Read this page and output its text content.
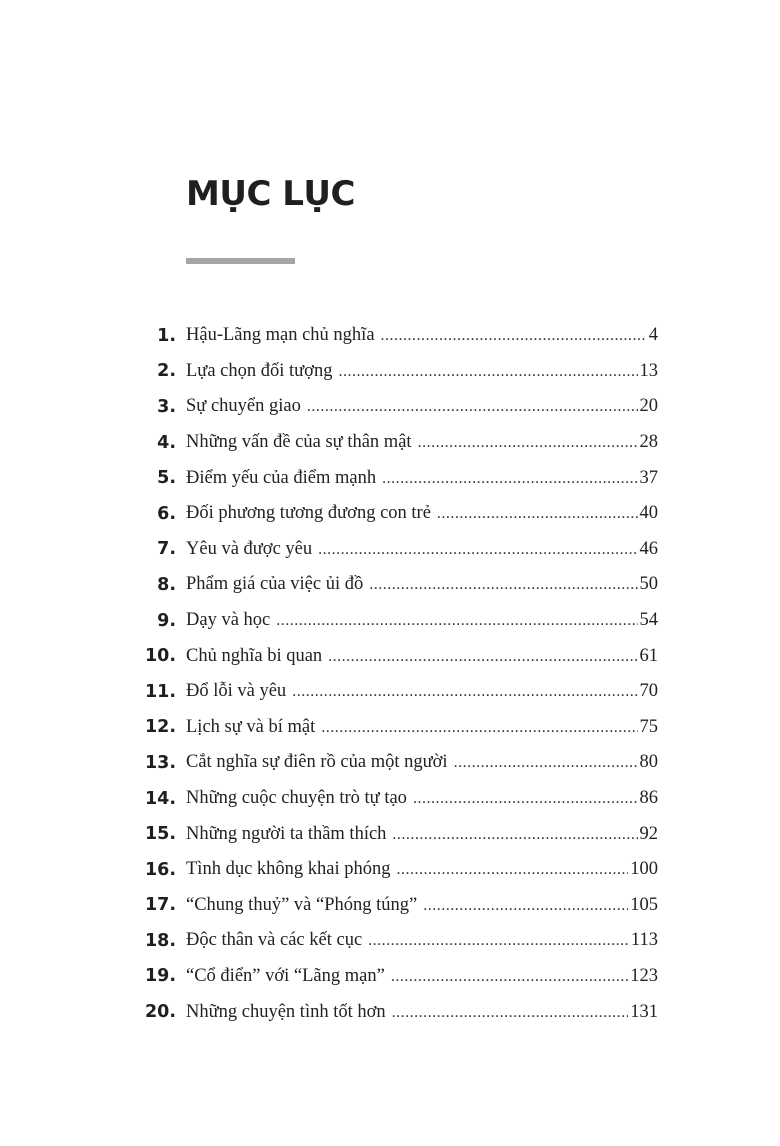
MỤC LỤC
1. Hậu-Lãng mạn chủ nghĩa .....	4
2. Lựa chọn đối tượng .....	13
3. Sự chuyển giao .....	20
4. Những vấn đề của sự thân mật .....	28
5. Điểm yếu của điểm mạnh .....	37
6. Đối phương tương đương con trẻ .....	40
7. Yêu và được yêu .....	46
8. Phẩm giá của việc ủi đồ .....	50
9. Dạy và học .....	54
10. Chủ nghĩa bi quan .....	61
11. Đổ lỗi và yêu .....	70
12. Lịch sự và bí mật .....	75
13. Cắt nghĩa sự điên rồ của một người .....	80
14. Những cuộc chuyện trò tự tạo .....	86
15. Những người ta thầm thích .....	92
16. Tình dục không khai phóng .....	100
17. “Chung thuỷ” và “Phóng túng” .....	105
18. Độc thân và các kết cục .....	113
19. “Cổ điển” với “Lãng mạn” .....	123
20. Những chuyện tình tốt hơn .....	131
